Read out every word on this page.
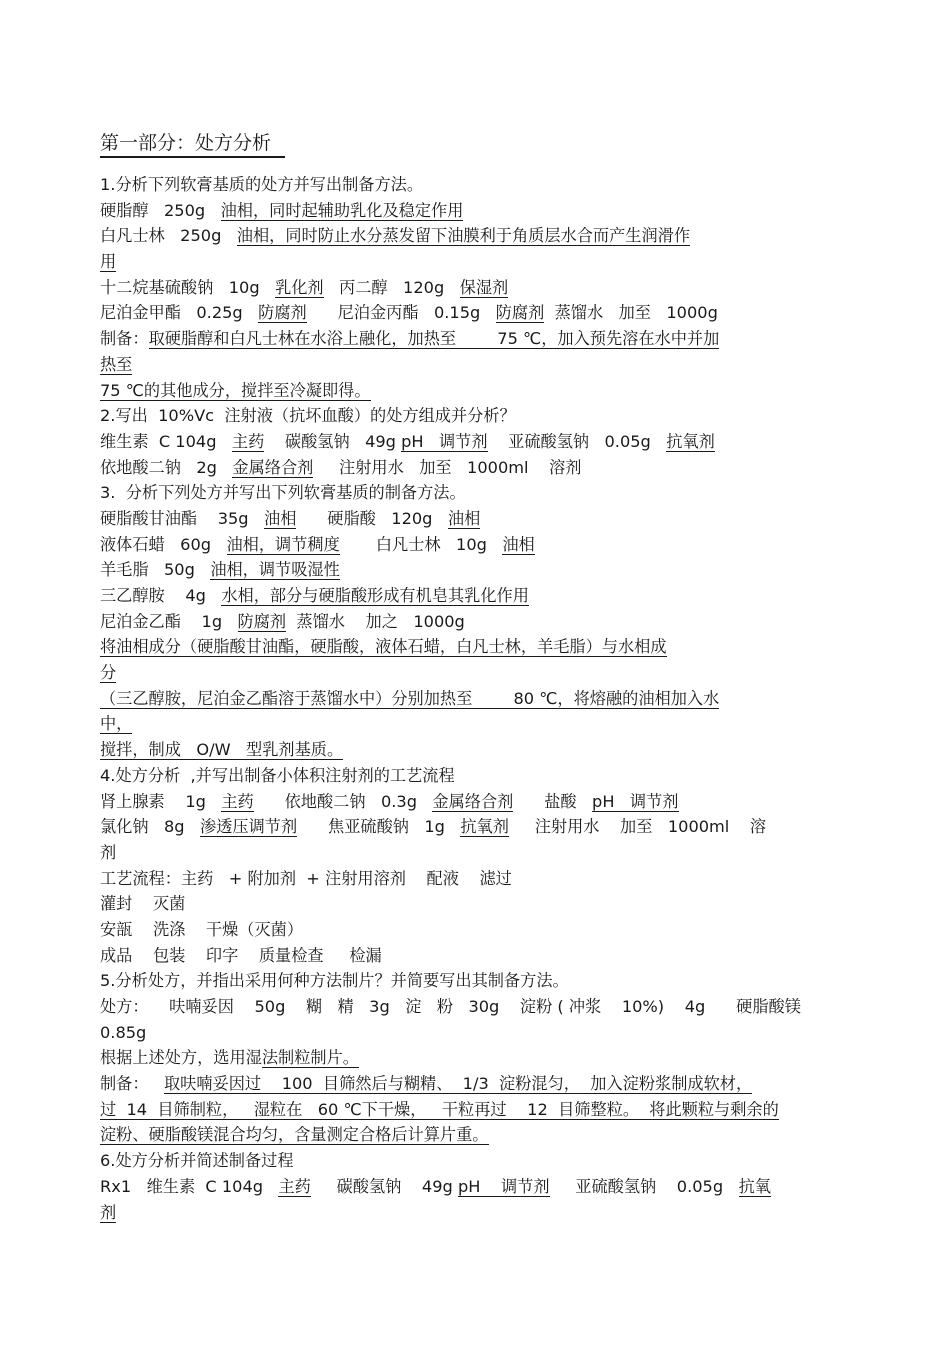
第一部分：处方分析
1.分析下列软膏基质的处方并写出制备方法。
硬脂醇   250g   油相，同时起辅助乳化及稳定作用
白凡士林   250g   油相，同时防止水分蒸发留下油膜利于角质层水合而产生润滑作
用
十二烷基硫酸钠   10g   乳化剂   丙二醇   120g   保湿剂
尼泊金甲酯   0.25g   防腐剂      尼泊金丙酯   0.15g   防腐剂  蒸馏水   加至   1000g
制备：取硬脂醇和白凡士林在水浴上融化，加热至        75 ℃，加入预先溶在水中并加
热至
75 ℃的其他成分，搅拌至冷凝即得。
2.写出  10%Vc  注射液（抗坏血酸）的处方组成并分析？
维生素  C 104g   主药    碳酸氢钠   49g pH   调节剂    亚硫酸氢钠   0.05g   抗氧剂
依地酸二钠   2g   金属络合剂     注射用水   加至   1000ml    溶剂
3.  分析下列处方并写出下列软膏基质的制备方法。
硬脂酸甘油酯    35g   油相      硬脂酸   120g   油相
液体石蜡   60g   油相，调节稠度       白凡士林   10g   油相
羊毛脂   50g   油相，调节吸湿性
三乙醇胺    4g   水相，部分与硬脂酸形成有机皂其乳化作用
尼泊金乙酯    1g   防腐剂  蒸馏水    加之   1000g
将油相成分（硬脂酸甘油酯，硬脂酸，液体石蜡，白凡士林，羊毛脂）与水相成
分
（三乙醇胺，尼泊金乙酯溶于蒸馏水中）分别加热至        80 ℃，将熔融的油相加入水
中，
搅拌，制成   O/W   型乳剂基质。
4.处方分析  ,并写出制备小体积注射剂的工艺流程
肾上腺素    1g   主药      依地酸二钠   0.3g   金属络合剂      盐酸   pH   调节剂
氯化钠   8g   渗透压调节剂      焦亚硫酸钠   1g   抗氧剂     注射用水    加至   1000ml    溶
剂
工艺流程：主药   + 附加剂  + 注射用溶剂    配液    滤过
灌封    灭菌
安瓿    洗涤    干燥（灭菌）
成品    包装    印字    质量检查     检漏
5.分析处方，并指出采用何种方法制片？并简要写出其制备方法。
处方：    呋喃妥因    50g    糊   精   3g   淀   粉   30g    淀粉 ( 冲浆    10%)    4g      硬脂酸镁
0.85g
根据上述处方，选用湿法制粒制片。
制备：   取呋喃妥因过    100  目筛然后与糊精、  1/3  淀粉混匀，  加入淀粉浆制成软材，
过  14  目筛制粒，   湿粒在   60 ℃下干燥，   干粒再过    12  目筛整粒。  将此颗粒与剩余的
淀粉、硬脂酸镁混合均匀，含量测定合格后计算片重。
6.处方分析并简述制备过程
Rx1   维生素  C 104g   主药     碳酸氢钠    49g pH    调节剂     亚硫酸氢钠    0.05g   抗氧
剂
